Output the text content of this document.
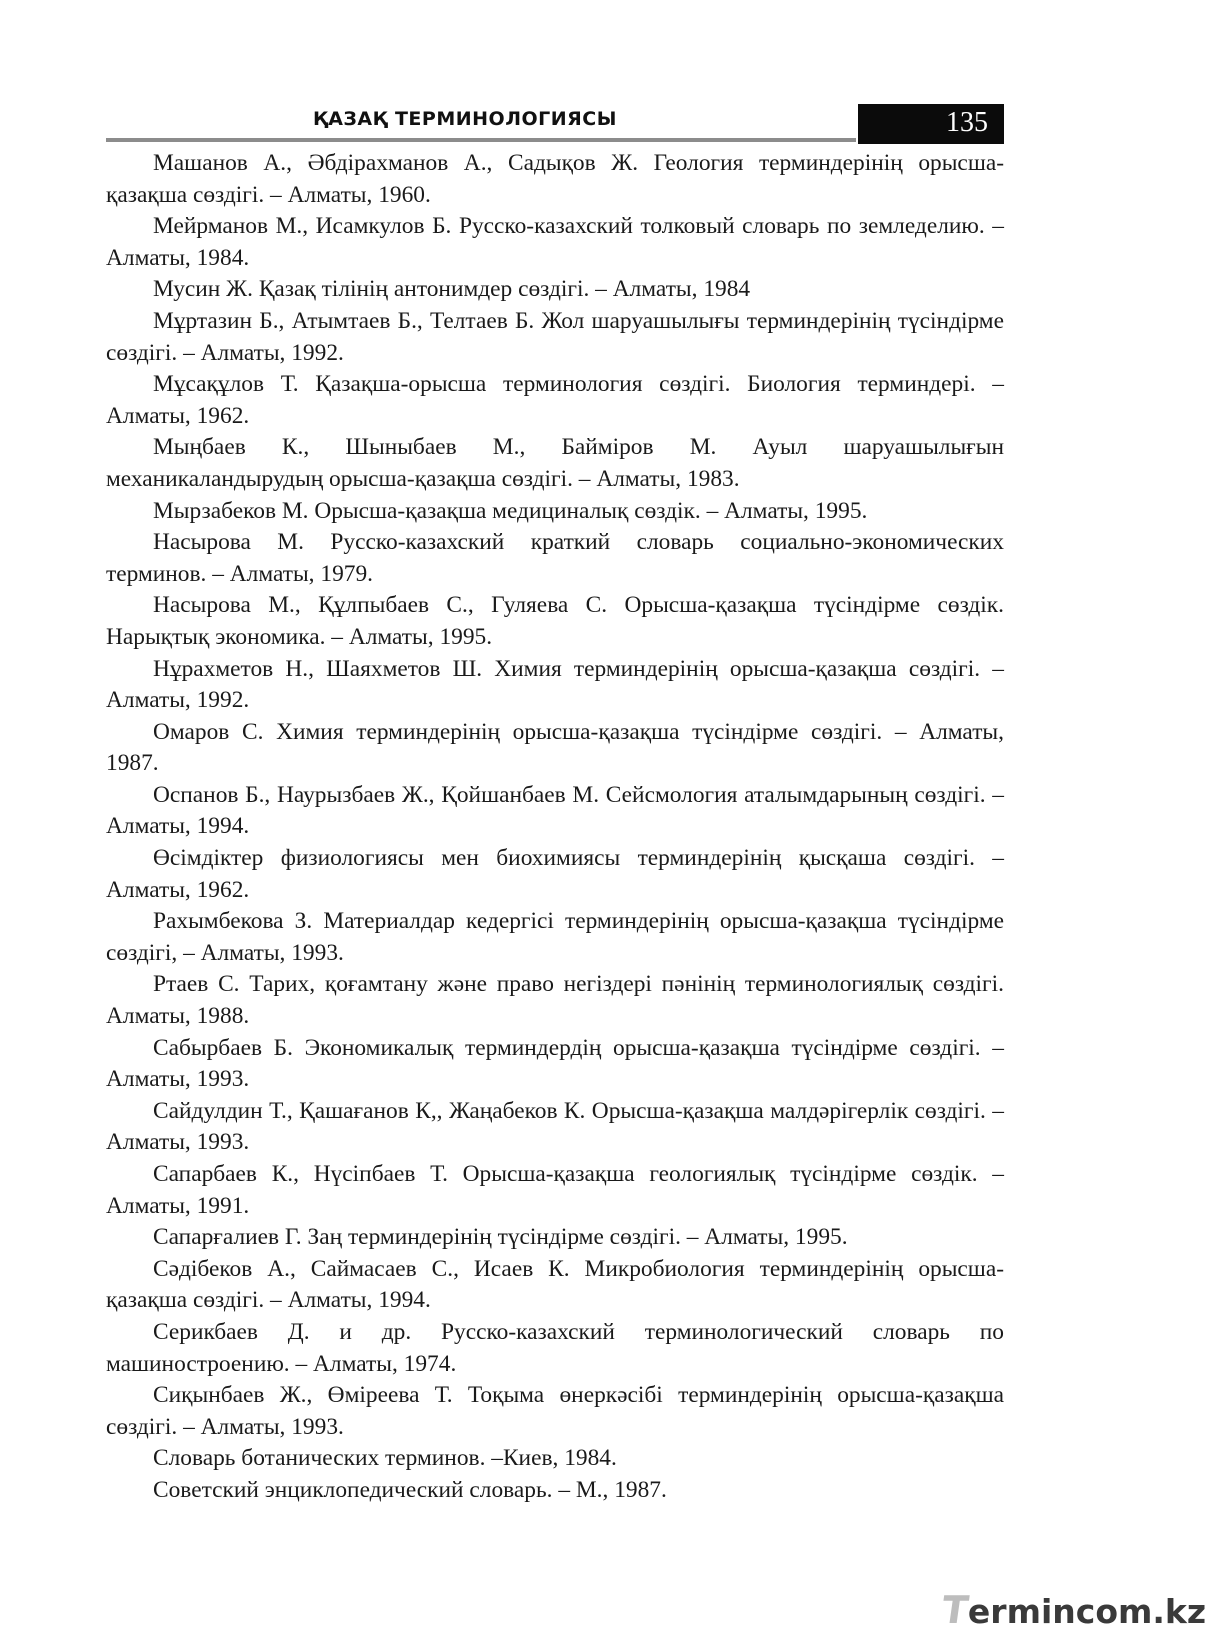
ҚАЗАҚ ТЕРМИНОЛОГИЯСЫ	135
Машанов А., Әбдірахманов А., Садықов Ж. Геология терминдерінің орысша-қазақша сөздігі. – Алматы, 1960.
Мейрманов М., Исамкулов Б. Русско-казахский толковый словарь по земледелию. – Алматы, 1984.
Мусин Ж. Қазақ тілінің антонимдер сөздігі. – Алматы, 1984
Мұртазин Б., Атымтаев Б., Телтаев Б. Жол шаруашылығы терминдерінің түсіндірме сөздігі. – Алматы, 1992.
Мұсақұлов Т. Қазақша-орысша терминология сөздігі. Биология терминдері. – Алматы, 1962.
Мыңбаев К., Шыныбаев М., Байміров М. Ауыл шаруашылығын механикаландырудың орысша-қазақша сөздігі. – Алматы, 1983.
Мырзабеков М. Орысша-қазақша медициналық сөздік. – Алматы, 1995.
Насырова М. Русско-казахский краткий словарь социально-экономических терминов. – Алматы, 1979.
Насырова М., Құлпыбаев С., Гуляева С. Орысша-қазақша түсіндірме сөздік. Нарықтық экономика. – Алматы, 1995.
Нұрахметов Н., Шаяхметов Ш. Химия терминдерінің орысша-қазақша сөздігі. – Алматы, 1992.
Омаров С. Химия терминдерінің орысша-қазақша түсіндірме сөздігі. – Алматы, 1987.
Оспанов Б., Наурызбаев Ж., Қойшанбаев М. Сейсмология аталымдарының сөздігі. – Алматы, 1994.
Өсімдіктер физиологиясы мен биохимиясы терминдерінің қысқаша сөздігі. – Алматы, 1962.
Рахымбекова З. Материалдар кедергісі терминдерінің орысша-қазақша түсіндірме сөздігі, – Алматы, 1993.
Ртаев С. Тарих, қоғамтану және право негіздері пәнінің терминологиялық сөздігі. Алматы, 1988.
Сабырбаев Б. Экономикалық терминдердің орысша-қазақша түсіндірме сөздігі. – Алматы, 1993.
Сайдулдин Т., Қашағанов К,, Жаңабеков К. Орысша-қазақша малдәрігерлік сөздігі. – Алматы, 1993.
Сапарбаев К., Нүсіпбаев Т. Орысша-қазақша геологиялық түсіндірме сөздік. – Алматы, 1991.
Сапарғалиев Г. Заң терминдерінің түсіндірме сөздігі. – Алматы, 1995.
Сәдібеков А., Саймасаев С., Исаев К. Микробиология терминдерінің орысша-қазақша сөздігі. – Алматы, 1994.
Серикбаев Д. и др. Русско-казахский терминологический словарь по машиностроению. – Алматы, 1974.
Сиқынбаев Ж., Өміреева Т. Тоқыма өнеркәсібі терминдерінің орысша-қазақша сөздігі. – Алматы, 1993.
Словарь ботанических терминов. –Киев, 1984.
Советский энциклопедический словарь. – М., 1987.
Termincom.kz
